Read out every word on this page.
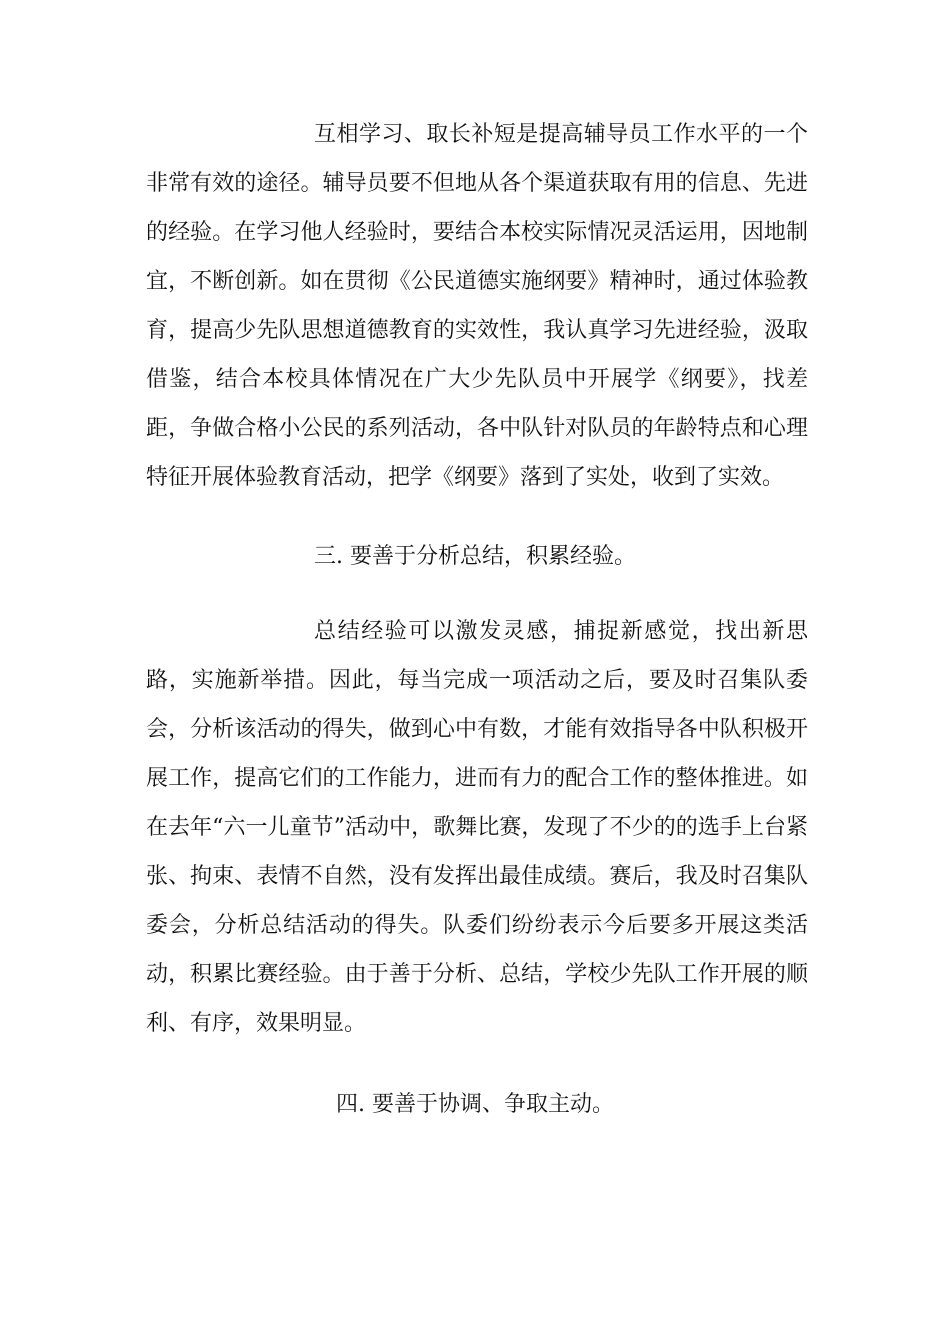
互相学习、取长补短是提高辅导员工作水平的一个非常有效的途径。辅导员要不但地从各个渠道获取有用的信息、先进的经验。在学习他人经验时，要结合本校实际情况灵活运用，因地制宜，不断创新。如在贯彻《公民道德实施纲要》精神时，通过体验教育，提高少先队思想道德教育的实效性，我认真学习先进经验，汲取借鉴，结合本校具体情况在广大少先队员中开展学《纲要》，找差距，争做合格小公民的系列活动，各中队针对队员的年龄特点和心理特征开展体验教育活动，把学《纲要》落到了实处，收到了实效。

三. 要善于分析总结，积累经验。

总结经验可以激发灵感，捕捉新感觉，找出新思路，实施新举措。因此，每当完成一项活动之后，要及时召集队委会，分析该活动的得失，做到心中有数，才能有效指导各中队积极开展工作，提高它们的工作能力，进而有力的配合工作的整体推进。如在去年“六一儿童节”活动中，歌舞比赛，发现了不少的的选手上台紧张、拘束、表情不自然，没有发挥出最佳成绩。赛后，我及时召集队委会，分析总结活动的得失。队委们纷纷表示今后要多开展这类活动，积累比赛经验。由于善于分析、总结，学校少先队工作开展的顺利、有序，效果明显。

四. 要善于协调、争取主动。
